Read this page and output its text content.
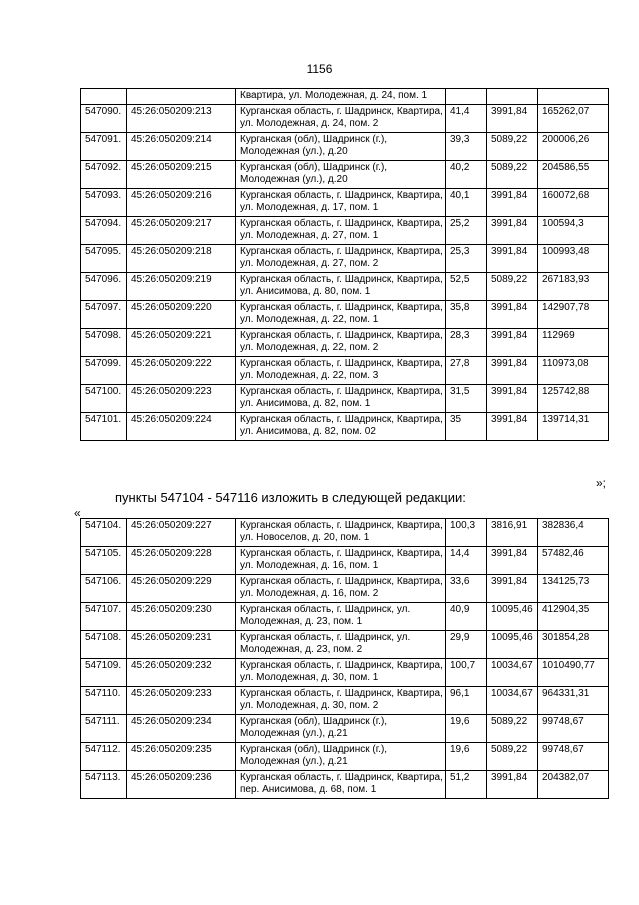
1156
		Квартира, ул. Молодежная, д. 24, пом. 1			
547090.	45:26:050209:213	Курганская область, г. Шадринск, Квартира, ул. Молодежная, д. 24, пом. 2	41,4	3991,84	165262,07
547091.	45:26:050209:214	Курганская (обл), Шадринск (г.), Молодежная (ул.), д.20	39,3	5089,22	200006,26
547092.	45:26:050209:215	Курганская (обл), Шадринск (г.), Молодежная (ул.), д.20	40,2	5089,22	204586,55
547093.	45:26:050209:216	Курганская область, г. Шадринск, Квартира, ул. Молодежная, д. 17, пом. 1	40,1	3991,84	160072,68
547094.	45:26:050209:217	Курганская область, г. Шадринск, Квартира, ул. Молодежная, д. 27, пом. 1	25,2	3991,84	100594,3
547095.	45:26:050209:218	Курганская область, г. Шадринск, Квартира, ул. Молодежная, д. 27, пом. 2	25,3	3991,84	100993,48
547096.	45:26:050209:219	Курганская область, г. Шадринск, Квартира, ул. Анисимова, д. 80, пом. 1	52,5	5089,22	267183,93
547097.	45:26:050209:220	Курганская область, г. Шадринск, Квартира, ул. Молодежная, д. 22, пом. 1	35,8	3991,84	142907,78
547098.	45:26:050209:221	Курганская область, г. Шадринск, Квартира, ул. Молодежная, д. 22, пом. 2	28,3	3991,84	112969
547099.	45:26:050209:222	Курганская область, г. Шадринск, Квартира, ул. Молодежная, д. 22, пом. 3	27,8	3991,84	110973,08
547100.	45:26:050209:223	Курганская область, г. Шадринск, Квартира, ул. Анисимова, д. 82, пом. 1	31,5	3991,84	125742,88
547101.	45:26:050209:224	Курганская область, г. Шадринск, Квартира, ул. Анисимова, д. 82, пом. 02	35	3991,84	139714,31
»;
пункты 547104 - 547116 изложить в следующей редакции:
«
547104.	45:26:050209:227	Курганская область, г. Шадринск, Квартира, ул. Новоселов, д. 20, пом. 1	100,3	3816,91	382836,4
547105.	45:26:050209:228	Курганская область, г. Шадринск, Квартира, ул. Молодежная, д. 16, пом. 1	14,4	3991,84	57482,46
547106.	45:26:050209:229	Курганская область, г. Шадринск, Квартира, ул. Молодежная, д. 16, пом. 2	33,6	3991,84	134125,73
547107.	45:26:050209:230	Курганская область, г. Шадринск, ул. Молодежная, д. 23, пом. 1	40,9	10095,46	412904,35
547108.	45:26:050209:231	Курганская область, г. Шадринск, ул. Молодежная, д. 23, пом. 2	29,9	10095,46	301854,28
547109.	45:26:050209:232	Курганская область, г. Шадринск, Квартира, ул. Молодежная, д. 30, пом. 1	100,7	10034,67	1010490,77
547110.	45:26:050209:233	Курганская область, г. Шадринск, Квартира, ул. Молодежная, д. 30, пом. 2	96,1	10034,67	964331,31
547111.	45:26:050209:234	Курганская (обл), Шадринск (г.), Молодежная (ул.), д.21	19,6	5089,22	99748,67
547112.	45:26:050209:235	Курганская (обл), Шадринск (г.), Молодежная (ул.), д.21	19,6	5089,22	99748,67
547113.	45:26:050209:236	Курганская область, г. Шадринск, Квартира, пер. Анисимова, д. 68, пом. 1	51,2	3991,84	204382,07
